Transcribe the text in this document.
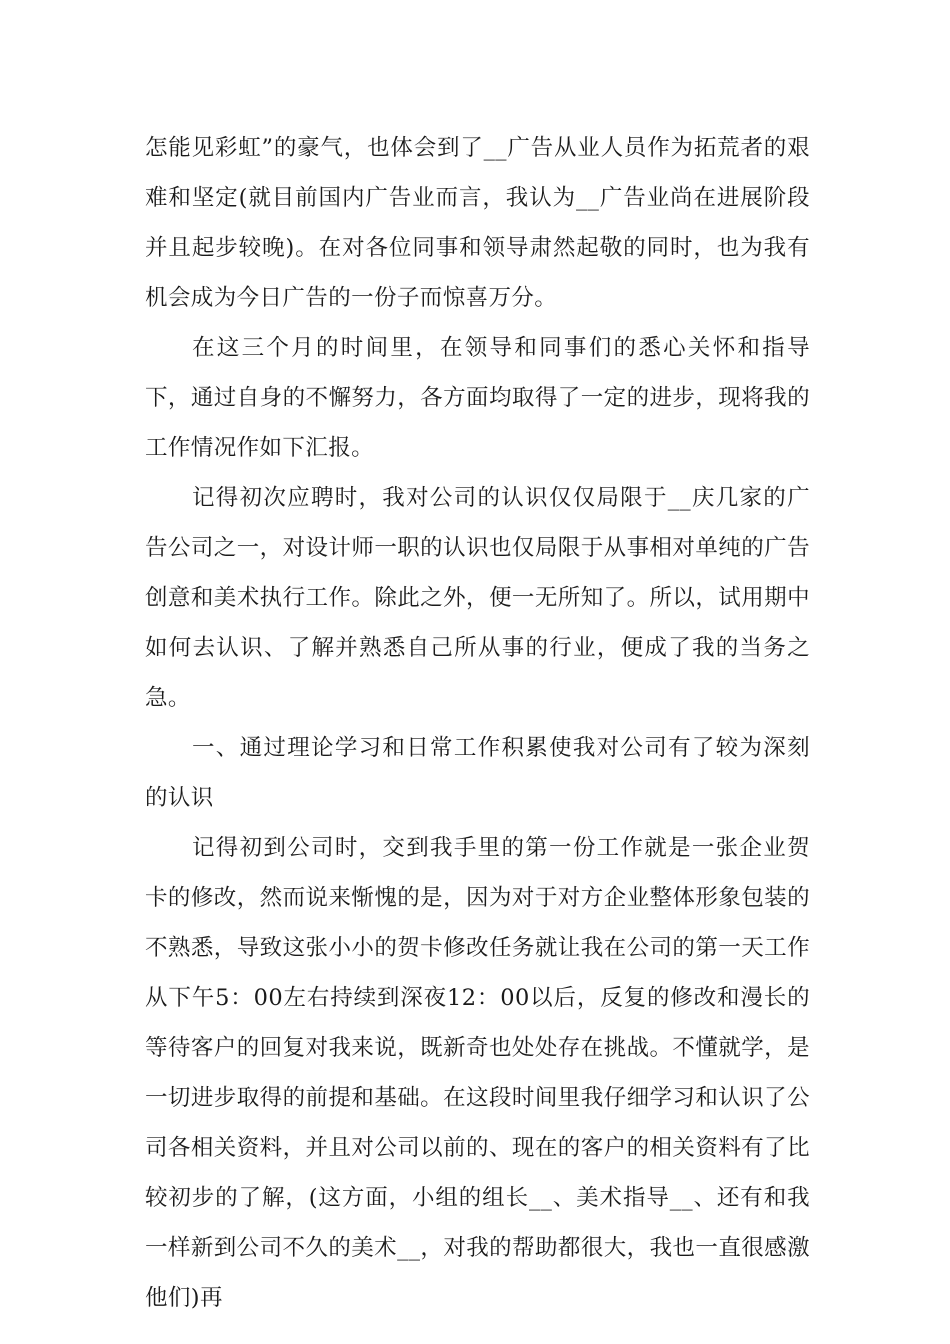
怎能见彩虹”的豪气，也体会到了__广告从业人员作为拓荒者的艰难和坚定(就目前国内广告业而言，我认为__广告业尚在进展阶段并且起步较晚)。在对各位同事和领导肃然起敬的同时，也为我有机会成为今日广告的一份子而惊喜万分。

在这三个月的时间里，在领导和同事们的悉心关怀和指导下，通过自身的不懈努力，各方面均取得了一定的进步，现将我的工作情况作如下汇报。

记得初次应聘时，我对公司的认识仅仅局限于__庆几家的广告公司之一，对设计师一职的认识也仅局限于从事相对单纯的广告创意和美术执行工作。除此之外，便一无所知了。所以，试用期中如何去认识、了解并熟悉自己所从事的行业，便成了我的当务之急。

一、通过理论学习和日常工作积累使我对公司有了较为深刻的认识

记得初到公司时，交到我手里的第一份工作就是一张企业贺卡的修改，然而说来惭愧的是，因为对于对方企业整体形象包装的不熟悉，导致这张小小的贺卡修改任务就让我在公司的第一天工作从下午5：00左右持续到深夜12：00以后，反复的修改和漫长的等待客户的回复对我来说，既新奇也处处存在挑战。不懂就学，是一切进步取得的前提和基础。在这段时间里我仔细学习和认识了公司各相关资料，并且对公司以前的、现在的客户的相关资料有了比较初步的了解，(这方面，小组的组长__、美术指导__、还有和我一样新到公司不久的美术__，对我的帮助都很大，我也一直很感激他们)再
